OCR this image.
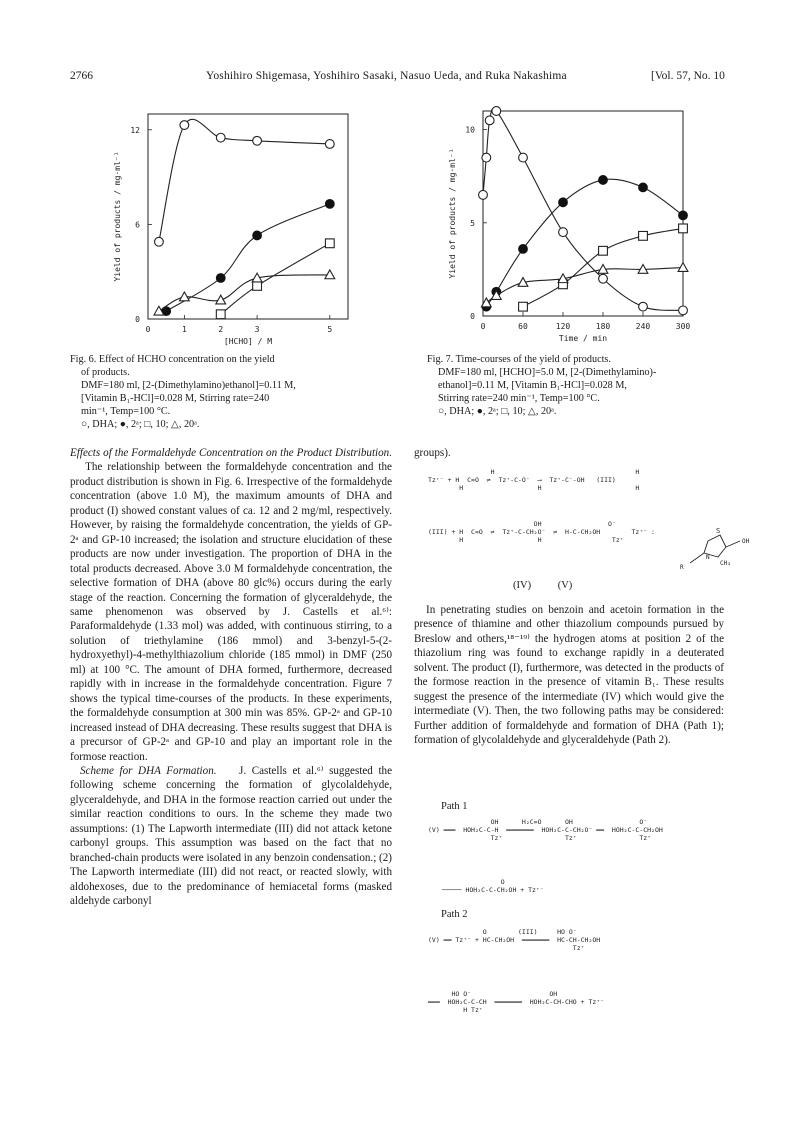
2766	Yoshihiro Shigemasa, Yoshihiro Sasaki, Nasuo Ueda, and Ruka Nakashima	[Vol. 57, No. 10
0	1	2	3	5
0
6
12
[HCHO] / M
Yield of products / mg·ml⁻¹
0	60	120	180	240	300
0
5
10
Time / min
Yield of products / mg·ml⁻¹

Fig. 6. Effect of HCHO concentration on the yield

of products.

DMF=180 ml, [2-(Dimethylamino)ethanol]=0.11 M,

[Vitamin B₁-HCl]=0.028 M, Stirring rate=240

min⁻¹, Temp=100 °C.

○, DHA; ●, 2ᵃ; □, 10; △, 20ᵃ.

Fig. 7. Time-courses of the yield of products.

DMF=180 ml, [HCHO]=5.0 M, [2-(Dimethylamino)-

ethanol]=0.11 M, [Vitamin B₁-HCl]=0.028 M,

Stirring rate=240 min⁻¹, Temp=100 °C.

○, DHA; ●, 2ᵃ; □, 10; △, 20ᵃ.

Effects of the Formaldehyde Concentration on the Product Distribution.    The relationship between the formaldehyde concentration and the product distribution is shown in Fig. 6. Irrespective of the formaldehyde concentration (above 1.0 M), the maximum amounts of DHA and product (I) showed constant values of ca. 12 and 2 mg/ml, respectively. However, by raising the formaldehyde concentration, the yields of GP-2ᵃ and GP-10 increased; the isolation and structure elucidation of these products are now under investigation. The proportion of DHA in the total products decreased. Above 3.0 M formaldehyde concentration, the selective formation of DHA (above 80 glc%) occurs during the early stage of the reaction. Concerning the formation of glyceraldehyde, the same phenomenon was observed by J. Castells et al.⁶⁾: Paraformaldehyde (1.33 mol) was added, with continuous stirring, to a solution of triethylamine (186 mmol) and 3-benzyl-5-(2-hydroxyethyl)-4-methylthiazolium chloride (185 mmol) in DMF (250 ml) at 100 °C. The amount of DHA formed, furthermore, decreased rapidly with in increase in the formaldehyde concentration. Figure 7 shows the typical time-courses of the products. In these experiments, the formaldehyde consumption at 300 min was 85%. GP-2ᵃ and GP-10 increased instead of DHA decreasing. These results suggest that DHA is a precursor of GP-2ᵃ and GP-10 and play an important role in the formose reaction.

Scheme for DHA Formation. J. Castells et al.⁶⁾ suggested the following scheme concerning the formation of glycolaldehyde, glyceraldehyde, and DHA in the formose reaction carried out under the similar reaction conditions to ours. In the scheme they made two assumptions: (1) The Lapworth intermediate (III) did not attack ketone carbonyl groups. This assumption was based on the fact that no branched-chain products were isolated in any benzoin condensation.; (2) The Lapworth intermediate (III) did not react, or reacted slowly, with aldohexoses, due to the predominance of hemiacetal forms (masked aldehyde carbonyl

groups).

H                                    H
Tz⁺⁻ + H  C=O  ⇌  Tz⁺-C-O⁻  ⟶  Tz⁺-C⁻-OH   (III)
H                   H                        H
OH                 O⁻
(III) + H  C=O  ⇌  Tz⁺-C-CH₂O⁻  ⇌  H-C-CH₂OH        Tz⁺⁻ :
H                   H                  Tz⁺
(IV) (V)
S
OH
CH₃
R
N

In penetrating studies on benzoin and acetoin formation in the presence of thiamine and other thiazolium compounds pursued by Breslow and others,¹⁸⁻¹⁹⁾ the hydrogen atoms at position 2 of the thiazolium ring was found to exchange rapidly in a deuterated solvent. The product (I), furthermore, was detected in the products of the formose reaction in the presence of vitamin B₁. These results suggest the presence of the intermediate (IV) which would give the intermediate (V). Then, the two following paths may be considered: Further addition of formaldehyde and formation of DHA (Path 1); formation of glycolaldehyde and glyceraldehyde (Path 2).

Path 1
OH      H₂C=O      OH                 O⁻
(V) ═══  HOH₂C-C-H  ═══════  HOH₂C-C-CH₂O⁻ ══  HOH₂C-C-CH₂OH
Tz⁺                Tz⁺                Tz⁺
O
───── HOH₂C-C-CH₂OH + Tz⁺⁻
Path 2
O        (III)     HO O⁻
(V) ══ Tz⁺⁻ + HC-CH₂OH  ═══════  HC-CH-CH₂OH
Tz⁺
HO O⁻                    OH
═══  HOH₂C-C-CH  ═══════  HOH₂C-CH-CHO + Tz⁺⁻
H Tz⁺
